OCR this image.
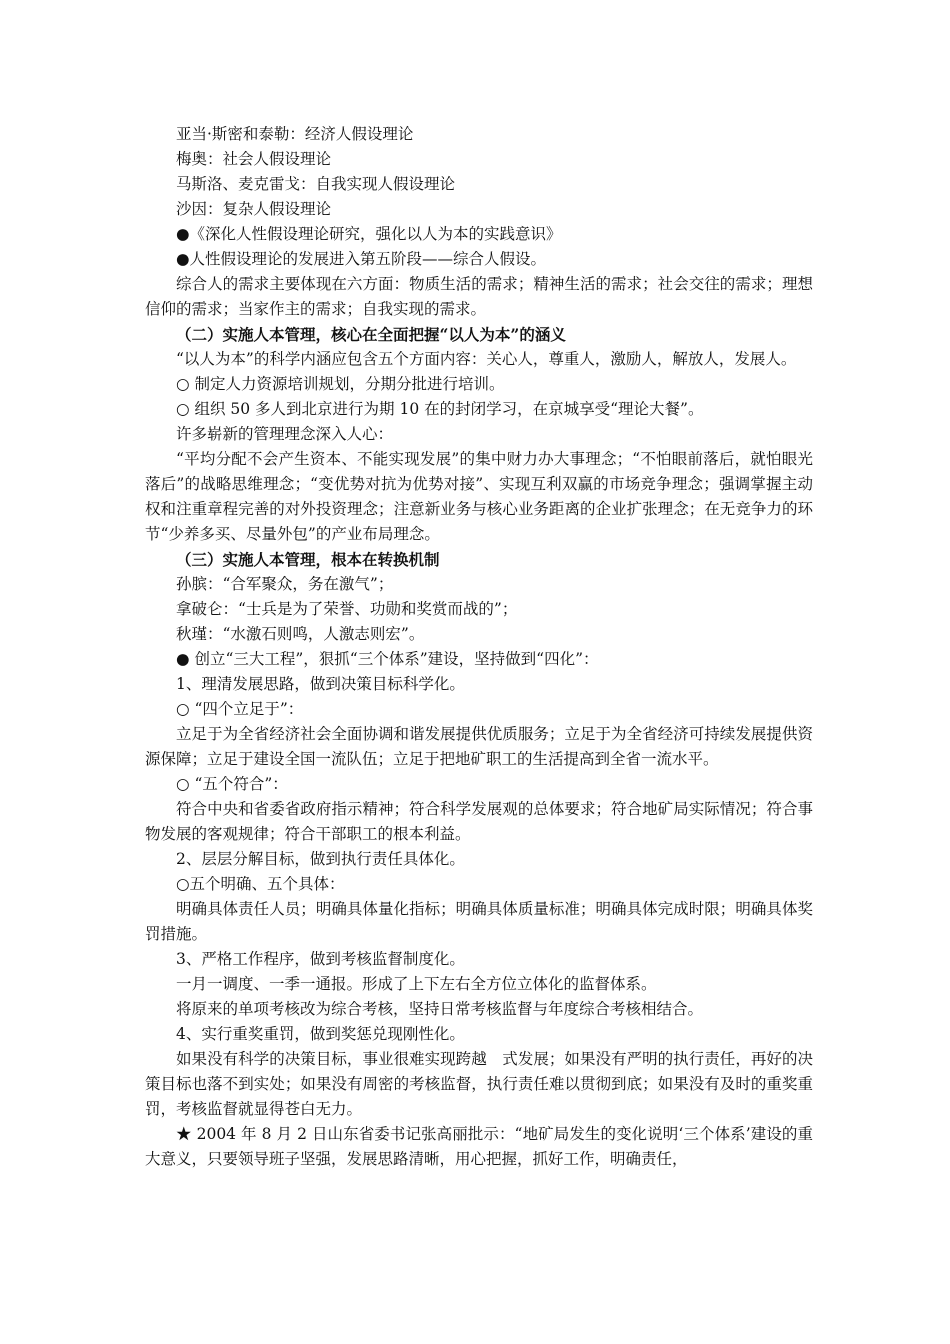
亚当·斯密和泰勒：经济人假设理论

梅奥：社会人假设理论

马斯洛、麦克雷戈：自我实现人假设理论

沙因：复杂人假设理论

●《深化人性假设理论研究，强化以人为本的实践意识》

●人性假设理论的发展进入第五阶段——综合人假设。

综合人的需求主要体现在六方面：物质生活的需求；精神生活的需求；社会交往的需求；理想信仰的需求；当家作主的需求；自我实现的需求。

（二）实施人本管理，核心在全面把握“以人为本”的涵义

“以人为本”的科学内涵应包含五个方面内容：关心人，尊重人，激励人，解放人，发展人。

○ 制定人力资源培训规划，分期分批进行培训。

○ 组织 50 多人到北京进行为期 10 在的封闭学习，在京城享受“理论大餐”。

许多崭新的管理理念深入人心：

“平均分配不会产生资本、不能实现发展”的集中财力办大事理念；“不怕眼前落后，就怕眼光落后”的战略思维理念；“变优势对抗为优势对接”、实现互利双赢的市场竞争理念；强调掌握主动权和注重章程完善的对外投资理念；注意新业务与核心业务距离的企业扩张理念；在无竞争力的环节“少养多买、尽量外包”的产业布局理念。

（三）实施人本管理，根本在转换机制

孙膑：“合军聚众，务在激气”；

拿破仑：“士兵是为了荣誉、功勋和奖赏而战的”；

秋瑾：“水激石则鸣，人激志则宏”。

● 创立“三大工程”，狠抓“三个体系”建设，坚持做到“四化”：

1、理清发展思路，做到决策目标科学化。

○ “四个立足于”：

立足于为全省经济社会全面协调和谐发展提供优质服务；立足于为全省经济可持续发展提供资源保障；立足于建设全国一流队伍；立足于把地矿职工的生活提高到全省一流水平。

○ “五个符合”：

符合中央和省委省政府指示精神；符合科学发展观的总体要求；符合地矿局实际情况；符合事物发展的客观规律；符合干部职工的根本利益。

2、层层分解目标，做到执行责任具体化。

○五个明确、五个具体：

明确具体责任人员；明确具体量化指标；明确具体质量标准；明确具体完成时限；明确具体奖罚措施。

3、严格工作程序，做到考核监督制度化。

一月一调度、一季一通报。形成了上下左右全方位立体化的监督体系。

将原来的单项考核改为综合考核，坚持日常考核监督与年度综合考核相结合。

4、实行重奖重罚，做到奖惩兑现刚性化。

如果没有科学的决策目标，事业很难实现跨越　式发展；如果没有严明的执行责任，再好的决策目标也落不到实处；如果没有周密的考核监督，执行责任难以贯彻到底；如果没有及时的重奖重罚，考核监督就显得苍白无力。

★ 2004 年 8 月 2 日山东省委书记张高丽批示：“地矿局发生的变化说明‘三个体系’建设的重大意义，只要领导班子坚强，发展思路清晰，用心把握，抓好工作，明确责任，
